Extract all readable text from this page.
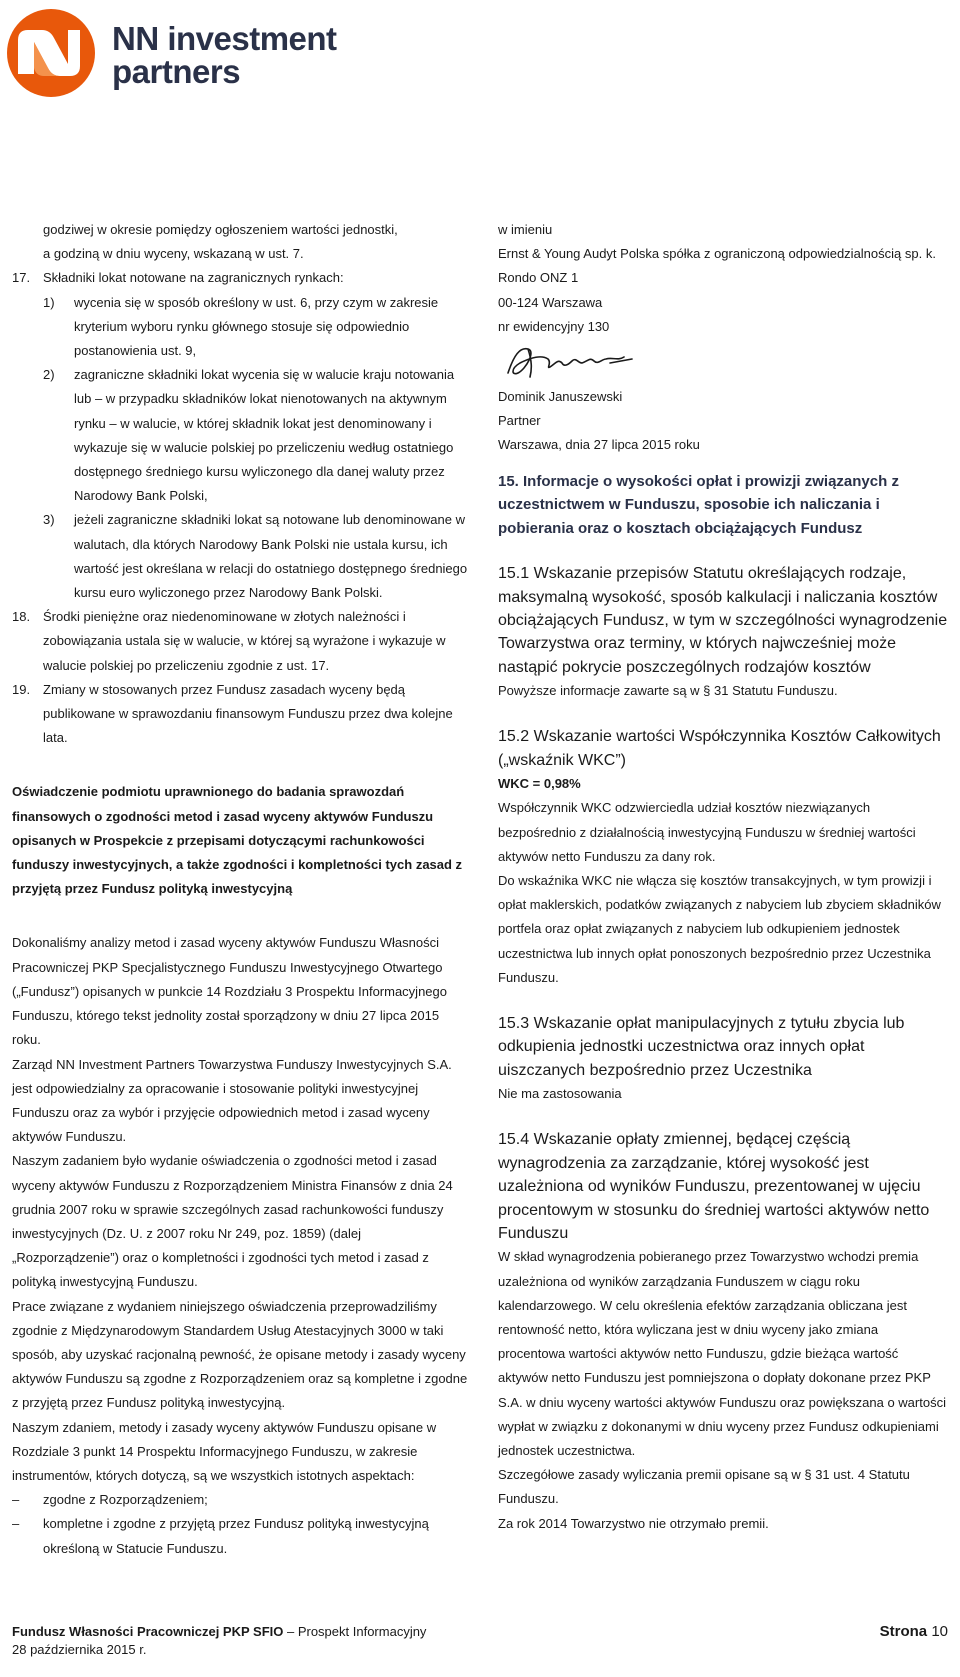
NN investment
partners

godziwej w okresie pomiędzy ogłoszeniem wartości jednostki,

a godziną w dniu wyceny, wskazaną w ust. 7.

17. Składniki lokat notowane na zagranicznych rynkach:
1)	wycenia się w sposób określony w ust. 6, przy czym w zakresie kryterium wyboru rynku głównego stosuje się odpowiednio postanowienia ust. 9,
2)	zagraniczne składniki lokat wycenia się w walucie kraju notowania lub – w przypadku składników lokat nienotowanych na aktywnym rynku – w walucie, w której składnik lokat jest denominowany i wykazuje się w walucie polskiej po przeliczeniu według ostatniego dostępnego średniego kursu wyliczonego dla danej waluty przez Narodowy Bank Polski,
3)	jeżeli zagraniczne składniki lokat są notowane lub denominowane w walutach, dla których Narodowy Bank Polski nie ustala kursu, ich wartość jest określana w relacji do ostatniego dostępnego średniego kursu euro wyliczonego przez Narodowy Bank Polski.
18. Środki pieniężne oraz niedenominowane w złotych należności i zobowiązania ustala się w walucie, w której są wyrażone i wykazuje w walucie polskiej po przeliczeniu zgodnie z ust. 17.
19. Zmiany w stosowanych przez Fundusz zasadach wyceny będą publikowane w sprawozdaniu finansowym Funduszu przez dwa kolejne lata.

Oświadczenie podmiotu uprawnionego do badania sprawozdań finansowych o zgodności metod i zasad wyceny aktywów Funduszu opisanych w Prospekcie z przepisami dotyczącymi rachunkowości funduszy inwestycyjnych, a także zgodności i kompletności tych zasad z przyjętą przez Fundusz polityką inwestycyjną

Dokonaliśmy analizy metod i zasad wyceny aktywów Funduszu Własności Pracowniczej PKP Specjalistycznego Funduszu Inwestycyjnego Otwartego („Fundusz”) opisanych w punkcie 14 Rozdziału 3 Prospektu Informacyjnego Funduszu, którego tekst jednolity został sporządzony w dniu 27 lipca 2015 roku.

Zarząd NN Investment Partners Towarzystwa Funduszy Inwestycyjnych S.A. jest odpowiedzialny za opracowanie i stosowanie polityki inwestycyjnej Funduszu oraz za wybór i przyjęcie odpowiednich metod i zasad wyceny aktywów Funduszu.

Naszym zadaniem było wydanie oświadczenia o zgodności metod i zasad wyceny aktywów Funduszu z Rozporządzeniem Ministra Finansów z dnia 24 grudnia 2007 roku w sprawie szczególnych zasad rachunkowości funduszy inwestycyjnych (Dz. U. z 2007 roku Nr 249, poz. 1859) (dalej „Rozporządzenie”) oraz o kompletności i zgodności tych metod i zasad z polityką inwestycyjną Funduszu.

Prace związane z wydaniem niniejszego oświadczenia przeprowadziliśmy zgodnie z Międzynarodowym Standardem Usług Atestacyjnych 3000 w taki sposób, aby uzyskać racjonalną pewność, że opisane metody i zasady wyceny aktywów Funduszu są zgodne z Rozporządzeniem oraz są kompletne i zgodne z przyjętą przez Fundusz polityką inwestycyjną.

Naszym zdaniem, metody i zasady wyceny aktywów Funduszu opisane w Rozdziale 3 punkt 14 Prospektu Informacyjnego Funduszu, w zakresie instrumentów, których dotyczą, są we wszystkich istotnych aspektach:

–	zgodne z Rozporządzeniem;
–	kompletne i zgodne z przyjętą przez Fundusz polityką inwestycyjną określoną w Statucie Funduszu.

w imieniu

Ernst & Young Audyt Polska spółka z ograniczoną odpowiedzialnością sp. k.

Rondo ONZ 1

00-124 Warszawa

nr ewidencyjny 130

Dominik Januszewski

Partner

Warszawa, dnia 27 lipca 2015 roku

15. Informacje o wysokości opłat i prowizji związanych z uczestnictwem w Funduszu, sposobie ich naliczania i pobierania oraz o kosztach obciążających Fundusz

15.1 Wskazanie przepisów Statutu określających rodzaje, maksymalną wysokość, sposób kalkulacji i naliczania kosztów obciążających Fundusz, w tym w szczególności wynagrodzenie Towarzystwa oraz terminy, w których najwcześniej może nastąpić pokrycie poszczególnych rodzajów kosztów

Powyższe informacje zawarte są w § 31 Statutu Funduszu.

15.2 Wskazanie wartości Współczynnika Kosztów Całkowitych („wskaźnik WKC”)

WKC = 0,98%

Współczynnik WKC odzwierciedla udział kosztów niezwiązanych bezpośrednio z działalnością inwestycyjną Funduszu w średniej wartości aktywów netto Funduszu za dany rok.

Do wskaźnika WKC nie włącza się kosztów transakcyjnych, w tym prowizji i opłat maklerskich, podatków związanych z nabyciem lub zbyciem składników portfela oraz opłat związanych z nabyciem lub odkupieniem jednostek uczestnictwa lub innych opłat ponoszonych bezpośrednio przez Uczestnika Funduszu.

15.3 Wskazanie opłat manipulacyjnych z tytułu zbycia lub odkupienia jednostki uczestnictwa oraz innych opłat uiszczanych bezpośrednio przez Uczestnika

Nie ma zastosowania

15.4 Wskazanie opłaty zmiennej, będącej częścią wynagrodzenia za zarządzanie, której wysokość jest uzależniona od wyników Funduszu, prezentowanej w ujęciu procentowym w stosunku do średniej wartości aktywów netto Funduszu

W skład wynagrodzenia pobieranego przez Towarzystwo wchodzi premia uzależniona od wyników zarządzania Funduszem w ciągu roku kalendarzowego. W celu określenia efektów zarządzania obliczana jest rentowność netto, która wyliczana jest w dniu wyceny jako zmiana procentowa wartości aktywów netto Funduszu, gdzie bieżąca wartość aktywów netto Funduszu jest pomniejszona o dopłaty dokonane przez PKP S.A. w dniu wyceny wartości aktywów Funduszu oraz powiększana o wartości wypłat w związku z dokonanymi w dniu wyceny przez Fundusz odkupieniami jednostek uczestnictwa.

Szczegółowe zasady wyliczania premii opisane są w § 31 ust. 4 Statutu Funduszu.

Za rok 2014 Towarzystwo nie otrzymało premii.

Fundusz Własności Pracowniczej PKP SFIO – Prospekt Informacyjny
28 października 2015 r.
Strona 10
